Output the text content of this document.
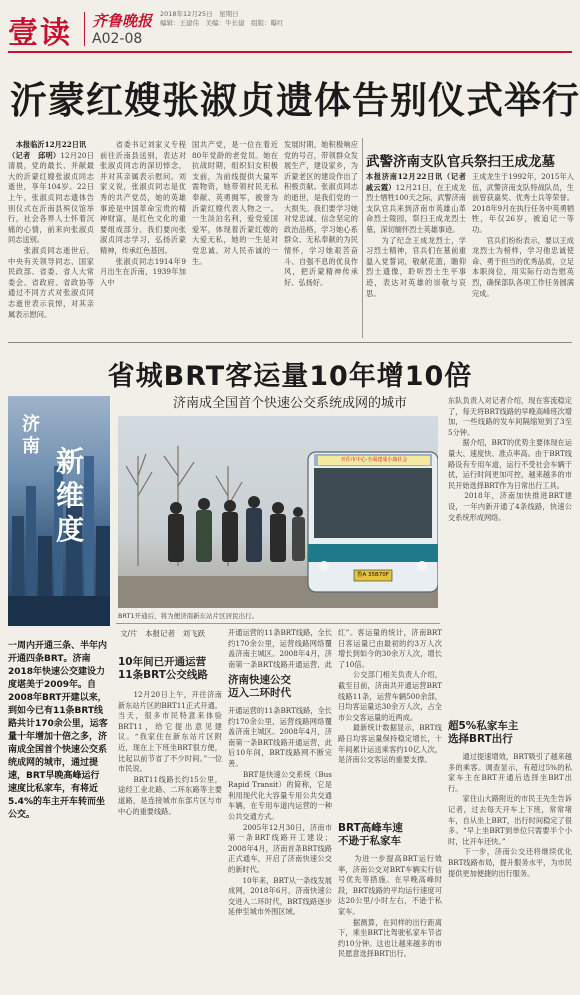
壹读 齐鲁晚报
A02-08
2018年12月25日　星期日
编辑：王建伟　美编：牛长建　组版：曝红
沂蒙红嫂张淑贞遗体告别仪式举行
本报临沂12月22日讯
（记者　邱明）12月20日清晨，党的最长、并献最大的沂蒙红嫂张淑贞同志逝世，享年104岁。22日上午，张淑贞同志遗体告别仪式在沂南县殡仪馆举行，社会各界人士怀着沉痛的心情，前来向张淑贞同志送别。
　　张淑贞同志逝世后，中央有关领导同志、国家民政部、省委、省人大常委会、省政府、省政协等通过不同方式对张淑贞同志逝世表示哀悼，对其亲属表示慰问。
　　省委书记刘家义专程前往沂南县送别，表达对张淑贞同志的深切悼念，并对其亲属表示慰问。刘家义说，张淑贞同志是优秀的共产党员，她的英雄事迹是中国革命宝贵的精神财富，是红色文化的重要组成部分。我们要向张淑贞同志学习，弘扬沂蒙精神，传承红色基因。
　　张淑贞同志1914年9月出生在沂南，1939年加入中
国共产党，是一位在着近80年党龄的老党员。她在抗战时期，组织妇女积极支前，为前线提供大量军需物资，她带领村民无私奉献、英勇拥军，被誉为沂蒙红嫂代表人物之一。一生淡泊名利，爱党爱国爱军，体现着沂蒙红嫂的大爱无私，她的一生是对党忠诚、对人民赤诚的一生。
发展时期，她积极响应党的号召，带领群众发展生产，建设家乡，为沂蒙老区的建设作出了积极贡献。张淑贞同志的逝世，是我们党的一大损失。我们要学习她对党忠诚、信念坚定的政治品格，学习她心系群众、无私奉献的为民情怀，学习她艰苦奋斗、自强不息的优良作风，把沂蒙精神传承好、弘扬好。
武警济南支队官兵祭扫王成龙墓
本报济南12月22日讯（记者　戚云霞）12月21日，在王成龙烈士牺牲100天之际，武警济南支队官兵来到济南市英雄山革命烈士陵园，祭扫王成龙烈士墓，深切缅怀烈士英雄事迹。
　　为了纪念王成龙烈士，学习烈士精神，官兵们在墓前重温入党誓词，敬献花篮，瞻仰烈士遗像，聆听烈士生平事迹，表达对英雄的崇敬与哀思。
王成龙生于1992年，2015年入伍，武警济南支队特战队员，生前曾获嘉奖、优秀士兵等荣誉。2018年9月在执行任务中英勇牺牲，年仅26岁，被追记一等功。
　　官兵们纷纷表示，要以王成龙烈士为榜样，学习他忠诚使命、勇于担当的优秀品质，立足本职岗位，用实际行动告慰英烈，确保部队各项工作任务圆满完成。
省城BRT客运量10年增10倍
济南成全国首个快速公交系统成网的城市
济
南 新
维
度
一周内开通三条、半年内开通四条BRT。济南2018年快速公交建设力度堪美于2009年。自2008年BRT开建以来，到如今已有11条BRT线路共计170余公里，运客量十年增加十倍之多，济南成全国首个快速公交系统成网的城市，通过提速，BRT早晚高峰运行速度比私家车，有将近5.4%的车主开车转而坐公交。
开往市中心·全面建成小康社会
鲁A 35B70F
BRT1开通后，将为便济南新东站片区居民出行。
文/片　本报记者　刘飞跃
10年间已开通运营
11条BRT公交线路
　　12月20日上午，开往济南新东站片区的BRT11正式开通。当天，很多市民特意来体验BRT11，给它提出意见建议。“我家住在新东站片区附近，现在上下班坐BRT很方便，比起以前节省了不少时间。”一位市民说。
　　BRT11线路长约15公里，途经工业北路、二环东路等主要道路，是连接城市东部片区与市中心的重要线路。
开通运营的11条BRT线路，全长约170余公里，运营线路网络覆盖济南主城区。2008年4月，济南第一条BRT线路开通运营，此

济南快速公交
迈入二环时代
开通运营的11条BRT线路，全长约170余公里，运营线路网络覆盖济南主城区。2008年4月，济南第一条BRT线路开通运营，此后10年间，BRT线路网不断完善。
　　BRT是快速公交系统（Bus Rapid Transit）的简称，它是利用现代化大容量专用公共交通车辆，在专用车道内运营的一种公共交通方式。
　　2005年12月30日，济南市第一条BRT线路开工建设；2008年4月，济南首条BRT线路正式通车，开启了济南快速公交的新时代。
　　10年来，BRT从一条线发展成网，2018年6月，济南快速公交进入二环时代，BRT线路逐步延伸至城市外围区域。
红”。客运量的统计，济南BRT日客运量已由最初的约3万人次增长到如今的30余万人次，增长了10倍。
　　公交部门相关负责人介绍，截至目前，济南共开通运营BRT线路11条，运营车辆500余部，日均客运量达30余万人次，占全市公交客运量的近两成。
　　最新统计数据显示，BRT线路日均客运量保持稳定增长，十年间累计运送乘客约10亿人次，是济南公交客运的重要支撑。
BRT高峰车速
不逊于私家车
　　为进一步提高BRT运行效率，济南公交对BRT车辆实行信号优先等措施。在早晚高峰时段，BRT线路的平均运行速度可达20公里/小时左右，不逊于私家车。
　　据测算，在同样的出行距离下，乘坐BRT比驾驶私家车节省约10分钟。这也让越来越多的市民愿意选择BRT出行。
东队负责人对记者介绍，现在客流稳定了，每天将BRT线路的早晚高峰班次增加，一些线路的发车间隔缩短到了3至5分钟。
　　据介绍，BRT的优势主要体现在运量大、速度快、准点率高。由于BRT线路设有专用车道，运行不受社会车辆干扰，运行时间更加可控，越来越多的市民开始选择BRT作为日常出行工具。
　　2018年，济南加快推进BRT建设，一年内新开通了4条线路，快速公交系统形成网络。
超5%私家车主
选择BRT出行
　　通过提速增效，BRT吸引了越来越多的乘客。调查显示，有超过5%的私家车主在BRT开通后选择坐BRT出行。
　　家住山大路附近的市民王先生告诉记者，过去每天开车上下班，常常堵车，自从坐上BRT，出行时间稳定了很多。“早上坐BRT到单位只需要半个小时，比开车还快。”
　　下一步，济南公交还将继续优化BRT线路布局，提升服务水平，为市民提供更加便捷的出行服务。
